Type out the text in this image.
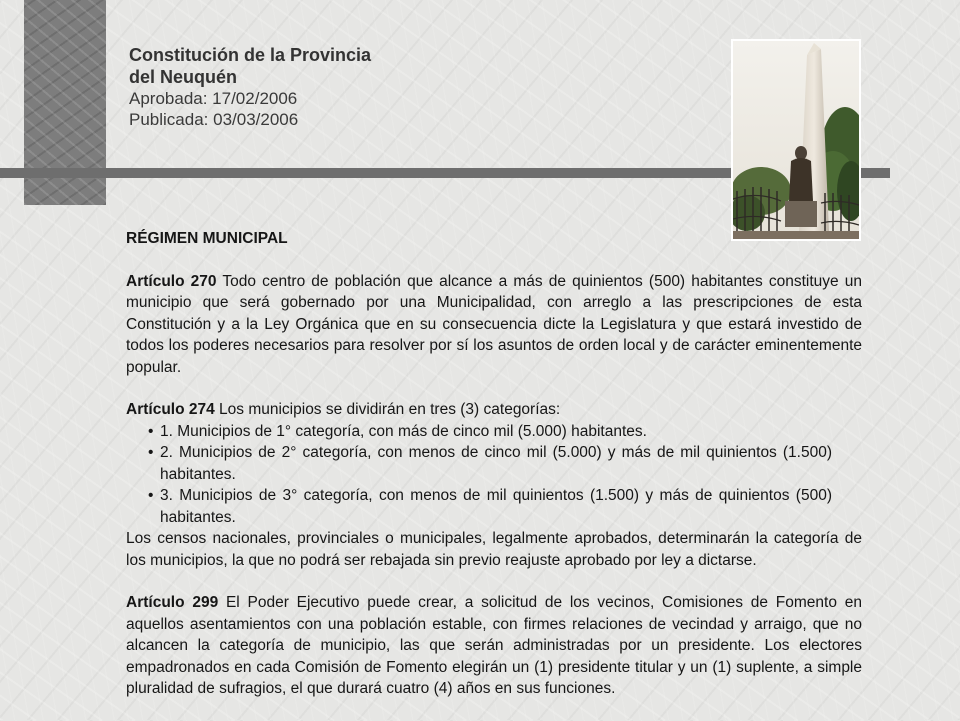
Constitución de la Provincia
del Neuquén
Aprobada: 17/02/2006
Publicada: 03/03/2006
RÉGIMEN MUNICIPAL

Artículo 270 Todo centro de población que alcance a más de quinientos (500) habitantes constituye un municipio que será gobernado por una Municipalidad, con arreglo a las prescripciones de esta Constitución y a la Ley Orgánica que en su consecuencia dicte la Legislatura y que estará investido de todos los poderes necesarios para resolver por sí los asuntos de orden local y de carácter eminentemente popular.

Artículo 274 Los municipios se dividirán en tres (3) categorías:

• 1. Municipios de 1° categoría, con más de cinco mil (5.000) habitantes.
• 2. Municipios de 2° categoría, con menos de cinco mil (5.000) y más de mil quinientos (1.500) habitantes.
• 3. Municipios de 3° categoría, con menos de mil quinientos (1.500) y más de quinientos (500) habitantes.

Los censos nacionales, provinciales o municipales, legalmente aprobados, determinarán la categoría de los municipios, la que no podrá ser rebajada sin previo reajuste aprobado por ley a dictarse.

Artículo 299 El Poder Ejecutivo puede crear, a solicitud de los vecinos, Comisiones de Fomento en aquellos asentamientos con una población estable, con firmes relaciones de vecindad y arraigo, que no alcancen la categoría de municipio, las que serán administradas por un presidente. Los electores empadronados en cada Comisión de Fomento elegirán un (1) presidente titular y un (1) suplente, a simple pluralidad de sufragios, el que durará cuatro (4) años en sus funciones.
